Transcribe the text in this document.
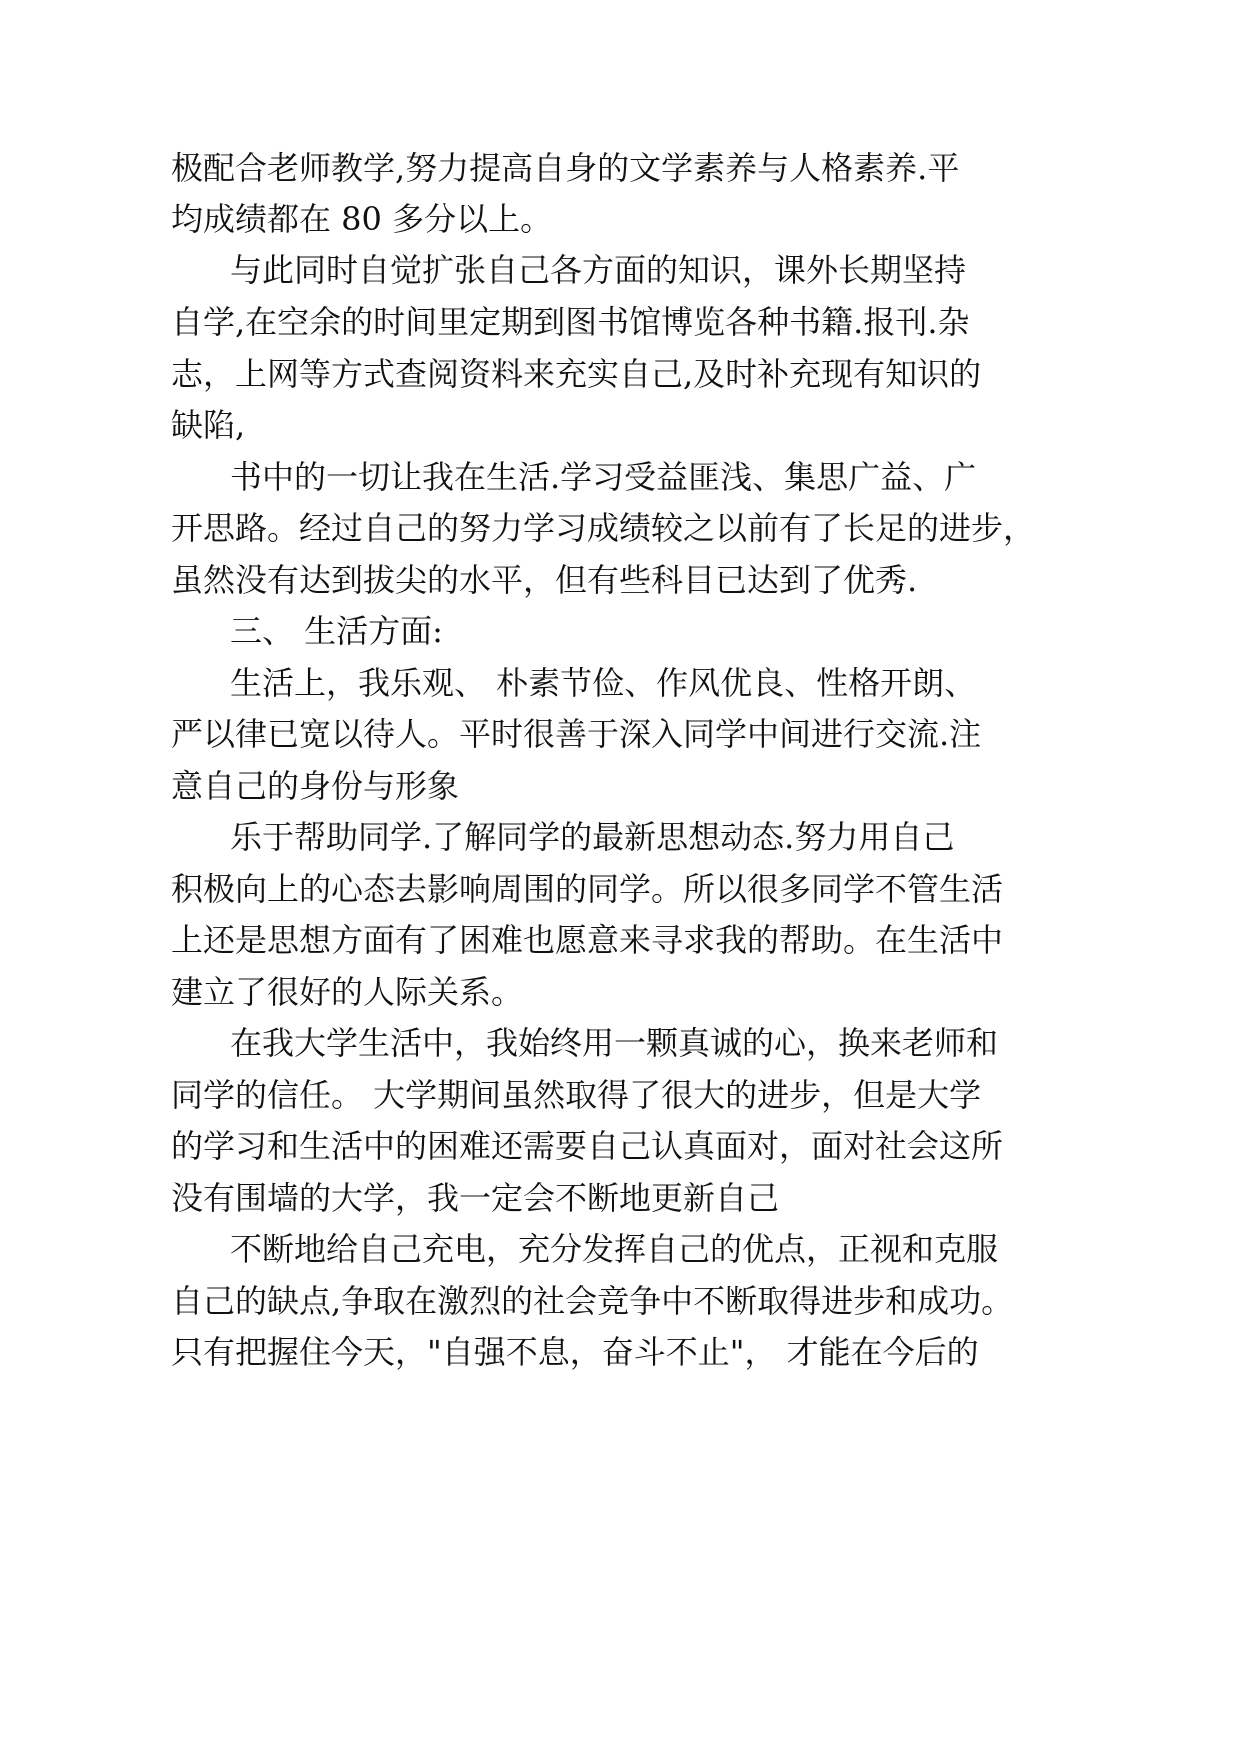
极配合老师教学,努力提高自身的文学素养与人格素养.平
均成绩都在 80 多分以上。
与此同时自觉扩张自己各方面的知识，课外长期坚持
自学,在空余的时间里定期到图书馆博览各种书籍.报刊.杂
志，上网等方式查阅资料来充实自己,及时补充现有知识的
缺陷,
书中的一切让我在生活.学习受益匪浅、集思广益、广
开思路。经过自己的努力学习成绩较之以前有了长足的进步，
虽然没有达到拔尖的水平，但有些科目已达到了优秀.
三、 生活方面:
生活上，我乐观、 朴素节俭、作风优良、性格开朗、
严以律已宽以待人。平时很善于深入同学中间进行交流.注
意自己的身份与形象
乐于帮助同学.了解同学的最新思想动态.努力用自己
积极向上的心态去影响周围的同学。所以很多同学不管生活
上还是思想方面有了困难也愿意来寻求我的帮助。在生活中
建立了很好的人际关系。
在我大学生活中，我始终用一颗真诚的心，换来老师和
同学的信任。 大学期间虽然取得了很大的进步，但是大学
的学习和生活中的困难还需要自己认真面对，面对社会这所
没有围墙的大学，我一定会不断地更新自己
不断地给自己充电，充分发挥自己的优点，正视和克服
自己的缺点,争取在激烈的社会竞争中不断取得进步和成功。
只有把握住今天，"自强不息，奋斗不止"， 才能在今后的
